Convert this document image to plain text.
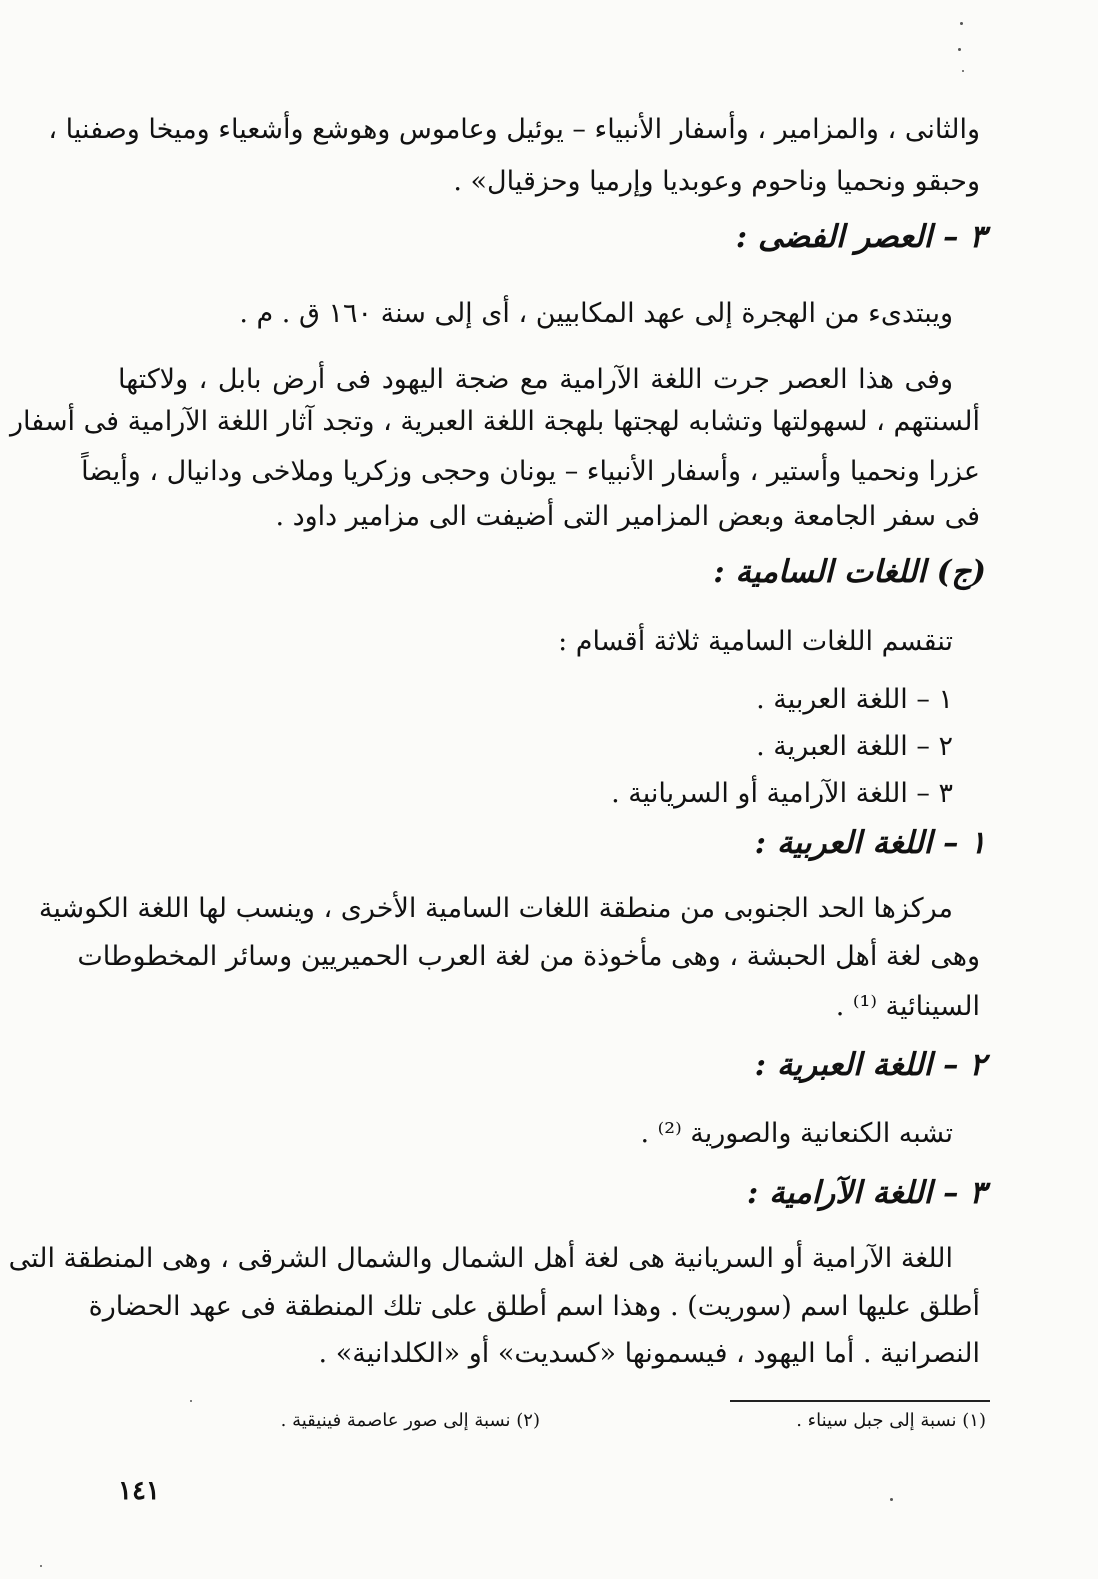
والثانى ، والمزامير ، وأسفار الأنبياء – يوئيل وعاموس وهوشع وأشعياء وميخا وصفنيا ،
وحبقو ونحميا وناحوم وعوبديا وإرميا وحزقيال» .
٣ – العصر الفضى :
ويبتدىء من الهجرة إلى عهد المكابيين ، أى إلى سنة ١٦٠ ق . م .
وفى هذا العصر جرت اللغة الآرامية مع ضجة اليهود فى أرض بابل ، ولاكتها
ألسنتهم ، لسهولتها وتشابه لهجتها بلهجة اللغة العبرية ، وتجد آثار اللغة الآرامية فى أسفار
عزرا ونحميا وأستير ، وأسفار الأنبياء – يونان وحجى وزكريا وملاخى ودانيال ، وأيضاً
فى سفر الجامعة وبعض المزامير التى أضيفت الى مزامير داود .
(ج) اللغات السامية :
تنقسم اللغات السامية ثلاثة أقسام :
١ – اللغة العربية .
٢ – اللغة العبرية .
٣ – اللغة الآرامية أو السريانية .
١ – اللغة العربية :
مركزها الحد الجنوبى من منطقة اللغات السامية الأخرى ، وينسب لها اللغة الكوشية
وهى لغة أهل الحبشة ، وهى مأخوذة من لغة العرب الحميريين وسائر المخطوطات
السينائية ⁽¹⁾ .
٢ – اللغة العبرية :
تشبه الكنعانية والصورية ⁽²⁾ .
٣ – اللغة الآرامية :
اللغة الآرامية أو السريانية هى لغة أهل الشمال والشمال الشرقى ، وهى المنطقة التى
أطلق عليها اسم (سوريت) . وهذا اسم أطلق على تلك المنطقة فى عهد الحضارة
النصرانية . أما اليهود ، فيسمونها «كسديت» أو «الكلدانية» .
(١) نسبة إلى جبل سيناء .
(٢) نسبة إلى صور عاصمة فينيقية .
١٤١
